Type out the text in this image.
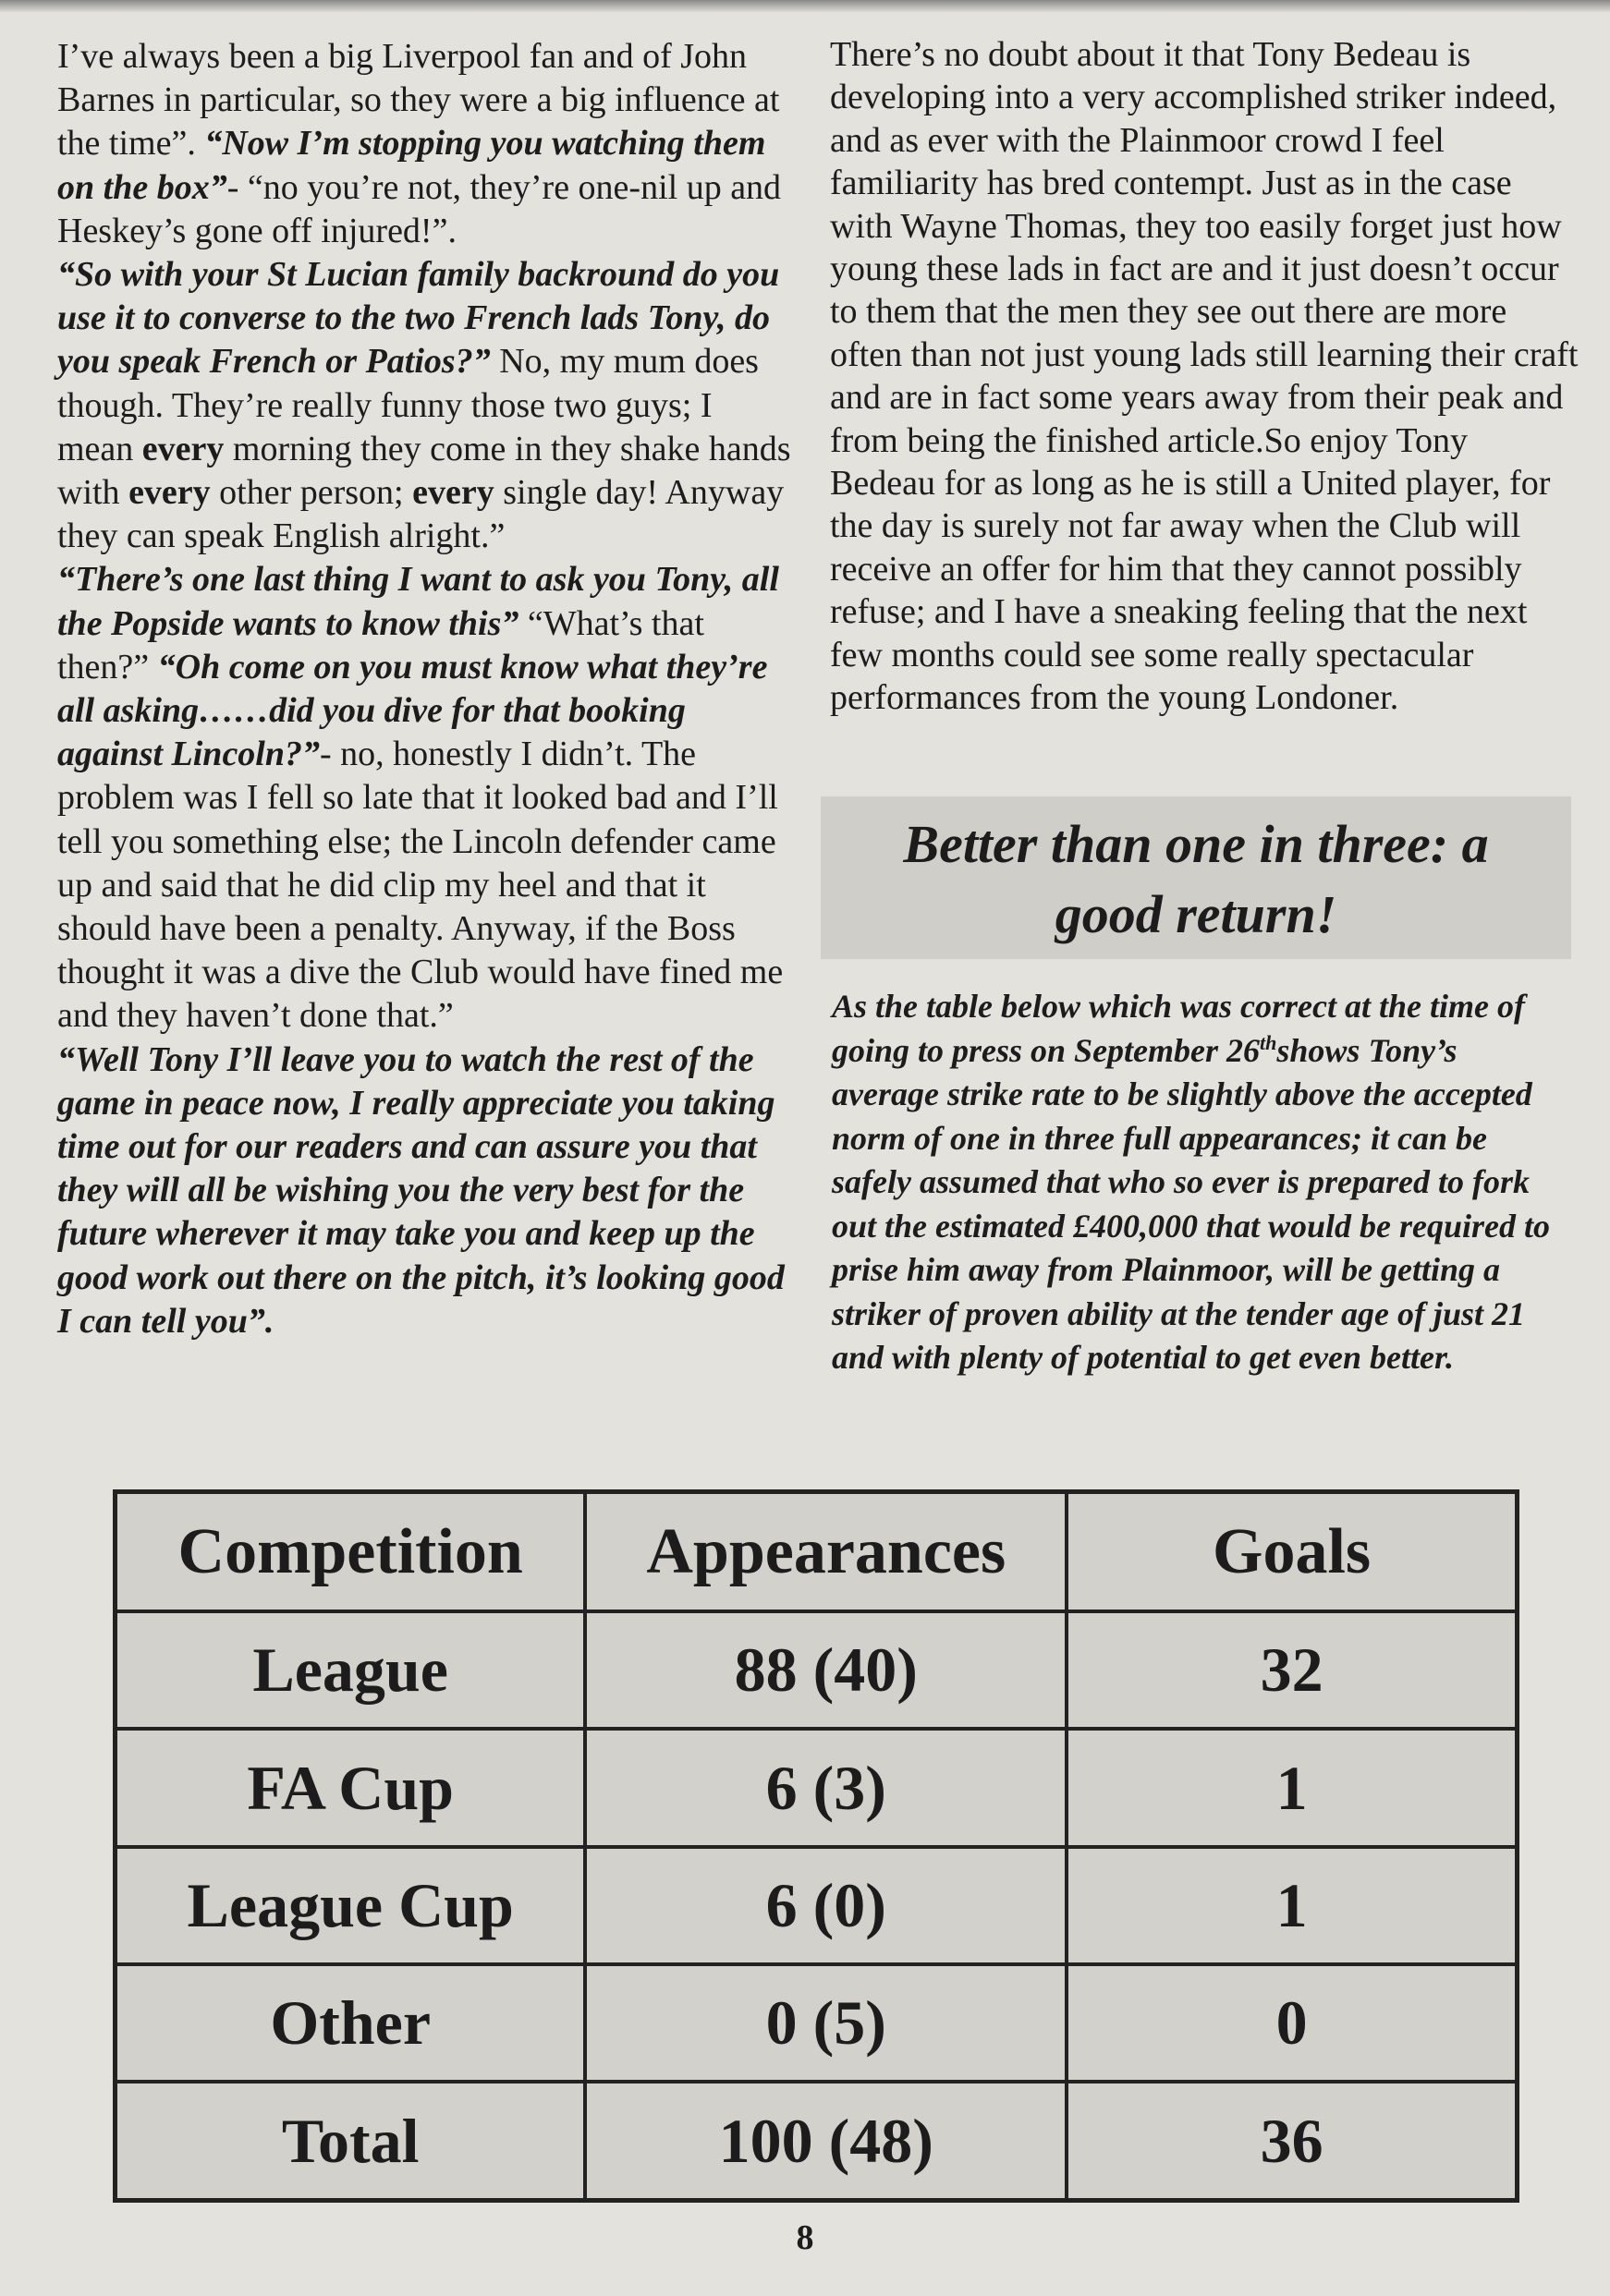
I’ve always been a big Liverpool fan and of John Barnes in particular, so they were a big influence at the time”. “Now I’m stopping you watching them on the box”- “no you’re not, they’re one-nil up and Heskey’s gone off injured!”.

“So with your St Lucian family backround do you use it to converse to the two French lads Tony, do you speak French or Patios?” No, my mum does though. They’re really funny those two guys; I mean every morning they come in they shake hands with every other person; every single day! Anyway they can speak English alright.”

“There’s one last thing I want to ask you Tony, all the Popside wants to know this” “What’s that then?” “Oh come on you must know what they’re all asking……did you dive for that booking against Lincoln?”- no, honestly I didn’t. The problem was I fell so late that it looked bad and I’ll tell you something else; the Lincoln defender came up and said that he did clip my heel and that it should have been a penalty. Anyway, if the Boss thought it was a dive the Club would have fined me and they haven’t done that.”

“Well Tony I’ll leave you to watch the rest of the game in peace now, I really appreciate you taking time out for our readers and can assure you that they will all be wishing you the very best for the future wherever it may take you and keep up the good work out there on the pitch, it’s looking good I can tell you”.

There’s no doubt about it that Tony Bedeau is developing into a very accomplished striker indeed, and as ever with the Plainmoor crowd I feel familiarity has bred contempt. Just as in the case with Wayne Thomas, they too easily forget just how young these lads in fact are and it just doesn’t occur to them that the men they see out there are more often than not just young lads still learning their craft and are in fact some years away from their peak and from being the finished article.So enjoy Tony Bedeau for as long as he is still a United player, for the day is surely not far away when the Club will receive an offer for him that they cannot possibly refuse; and I have a sneaking feeling that the next few months could see some really spectacular performances from the young Londoner.

Better than one in three: a
good return!
As the table below which was correct at the time of going to press on September 26thshows Tony’s average strike rate to be slightly above the accepted norm of one in three full appearances; it can be safely assumed that who so ever is prepared to fork out the estimated £400,000 that would be required to prise him away from Plainmoor, will be getting a striker of proven ability at the tender age of just 21 and with plenty of potential to get even better.
Competition	Appearances	Goals
League	88 (40)	32
FA Cup	6 (3)	1
League Cup	6 (0)	1
Other	0 (5)	0
Total	100 (48)	36
8
